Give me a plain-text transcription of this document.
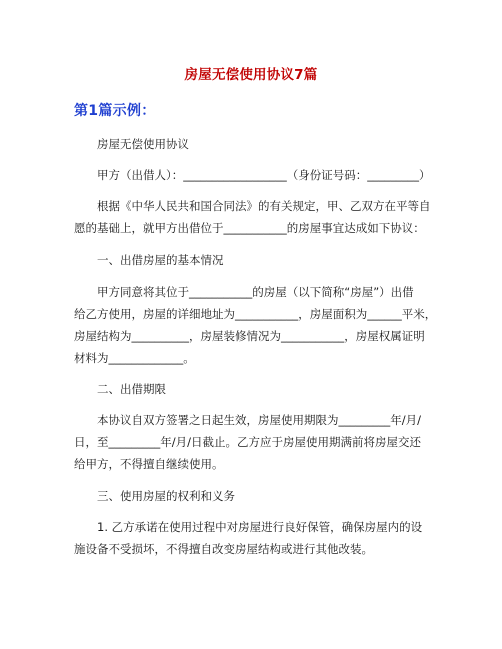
房屋无偿使用协议7篇
第1篇示例：

房屋无偿使用协议

甲方（出借人）：__________________（身份证号码：_________）

根据《中华人民共和国合同法》的有关规定，甲、乙双方在平等自
愿的基础上，就甲方出借位于___________的房屋事宜达成如下协议：

一、出借房屋的基本情况

甲方同意将其位于___________的房屋（以下简称“房屋”）出借
给乙方使用，房屋的详细地址为___________，房屋面积为______平米，
房屋结构为__________，房屋装修情况为___________，房屋权属证明
材料为_____________。

二、出借期限

本协议自双方签署之日起生效，房屋使用期限为_________年/月/
日，至_________年/月/日截止。乙方应于房屋使用期满前将房屋交还
给甲方，不得擅自继续使用。

三、使用房屋的权利和义务

1. 乙方承诺在使用过程中对房屋进行良好保管，确保房屋内的设
施设备不受损坏，不得擅自改变房屋结构或进行其他改装。
